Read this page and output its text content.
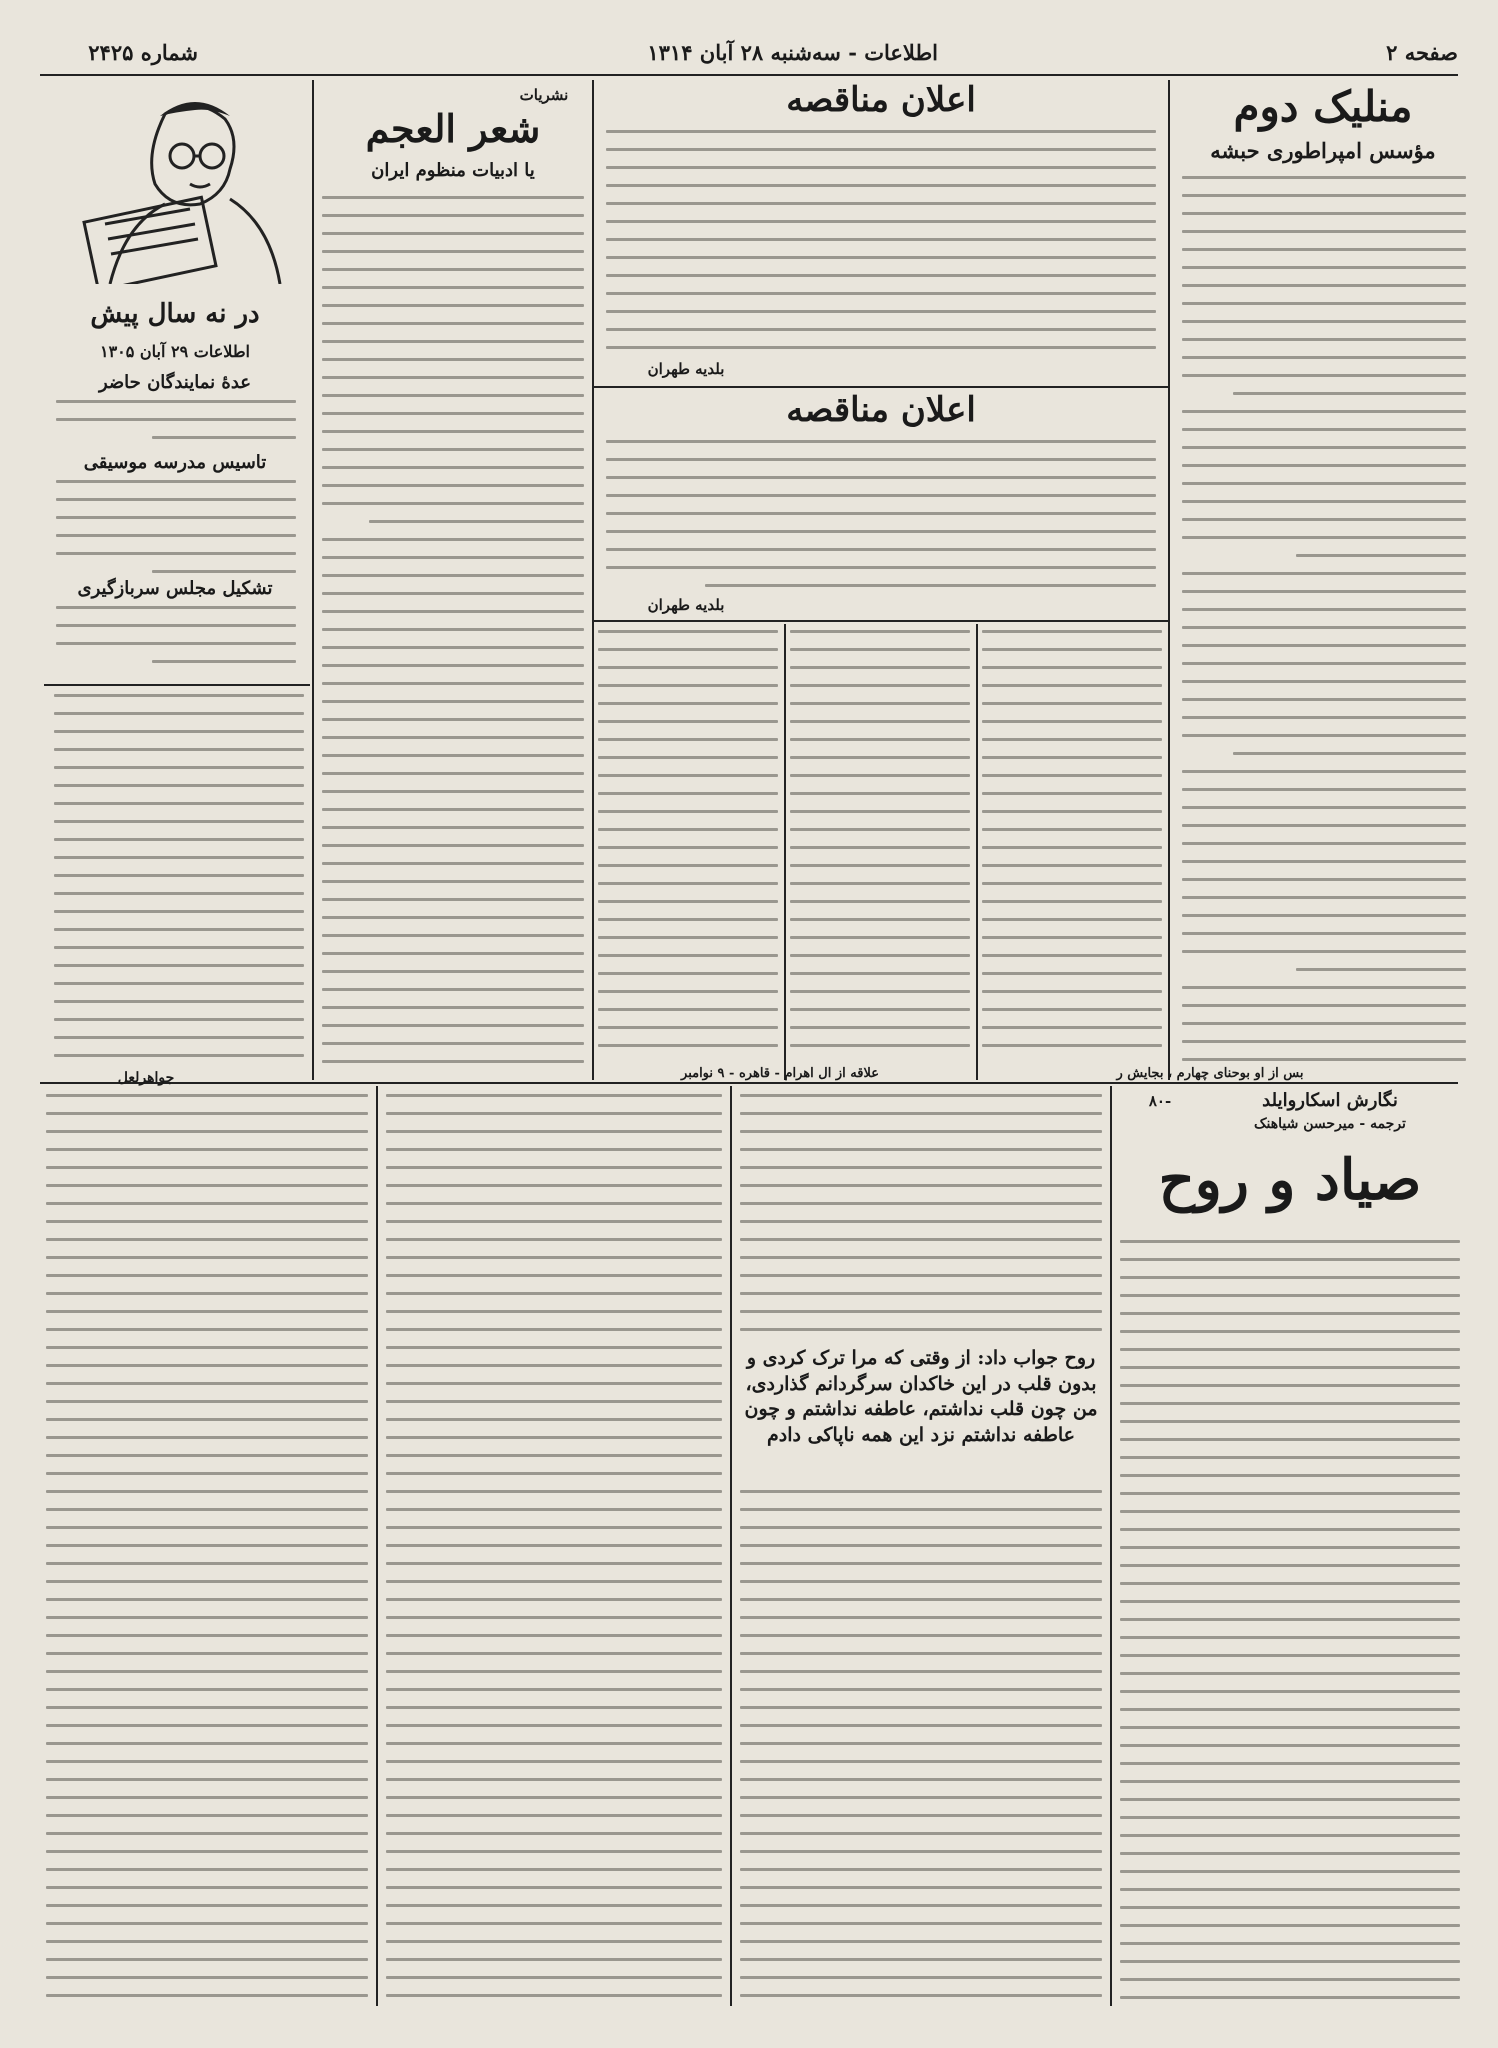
صفحه ۲
اطلاعات - سه‌شنبه ۲۸ آبان ۱۳۱۴
شماره ۲۴۲۵
منلیک دوم
مؤسس امپراطوری حبشه
اعلان مناقصه
بلدیه طهران
اعلان مناقصه
بلدیه طهران
نشریات
شعر العجم
یا ادبیات منظوم ایران
در نه سال پیش
اطلاعات ۲۹ آبان ۱۳۰۵
عدهٔ نمایندگان حاضر
تاسیس مدرسه موسیقی
تشکیل مجلس سربازگیری
علاقه از ال اهرام - قاهره - ۹ نوامبر	بس از او بوحنای چهارم ، بجایش ر
-۸۰	نگارش اسکاروایلد
ترجمه - میرحسن شیاهنک
صیاد و روح
روح جواب داد: از وقتی که مرا ترک کردی و بدون قلب در این خاکدان سرگردانم گذاردی، من چون قلب نداشتم، عاطفه نداشتم و چون عاطفه نداشتم نزد این همه ناپاکی دادم
جواهرلعل
